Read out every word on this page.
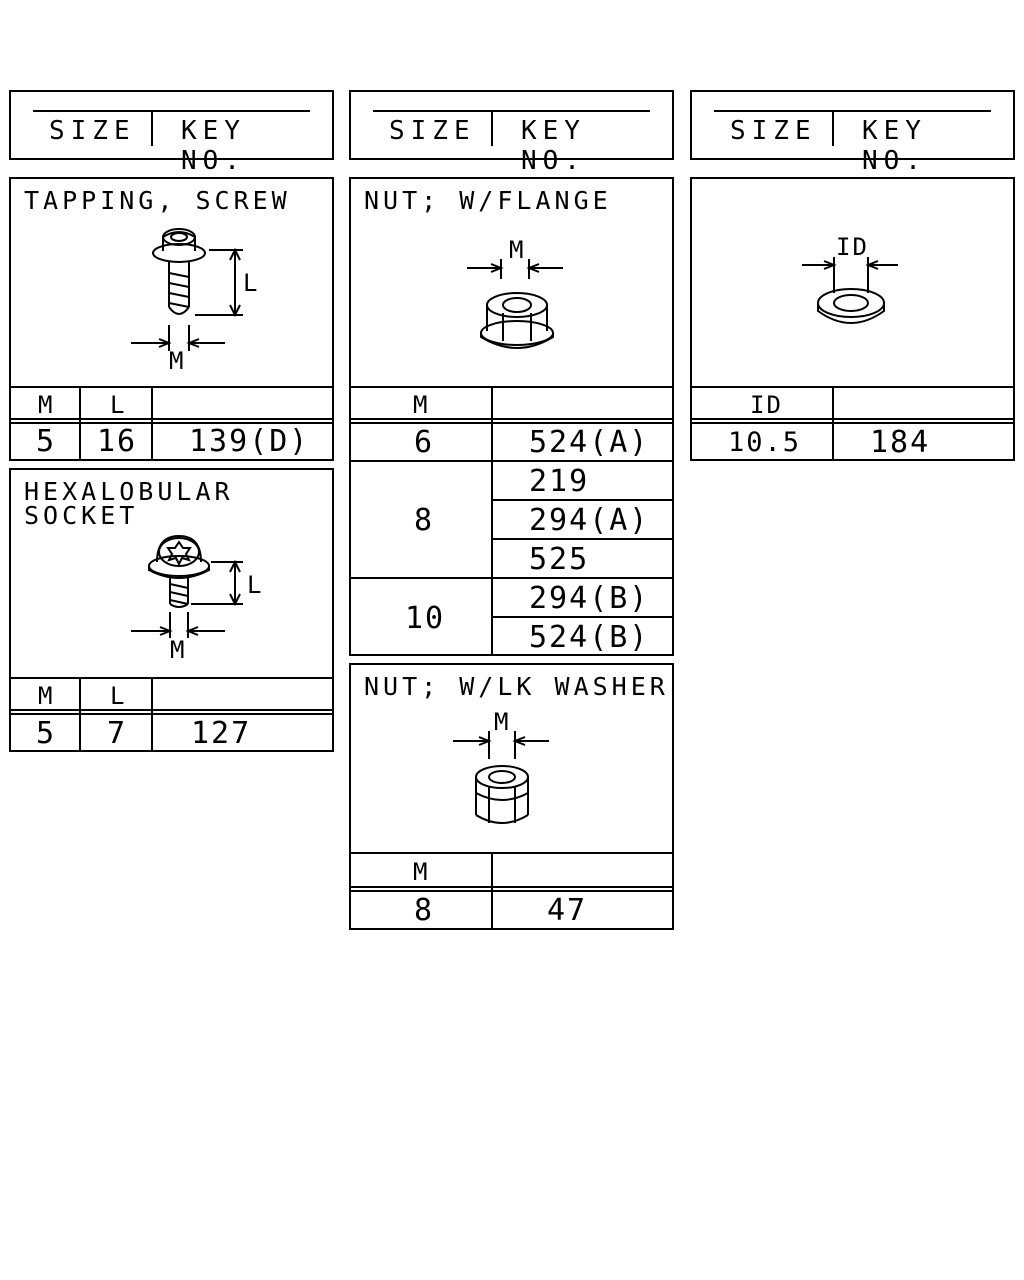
SIZE KEY NO.
SIZE KEY NO.
SIZE KEY NO.
TAPPING, SCREW
L
M
M L
5 16 139(D)
HEXALOBULAR
SOCKET
L
M
M L
5 7 127
NUT; W/FLANGE
M
M
6	524(A)
8
219
294(A)
525
10
294(B)
524(B)
NUT; W/LK WASHER
M
M
8	47
ID
ID
10.5 184
